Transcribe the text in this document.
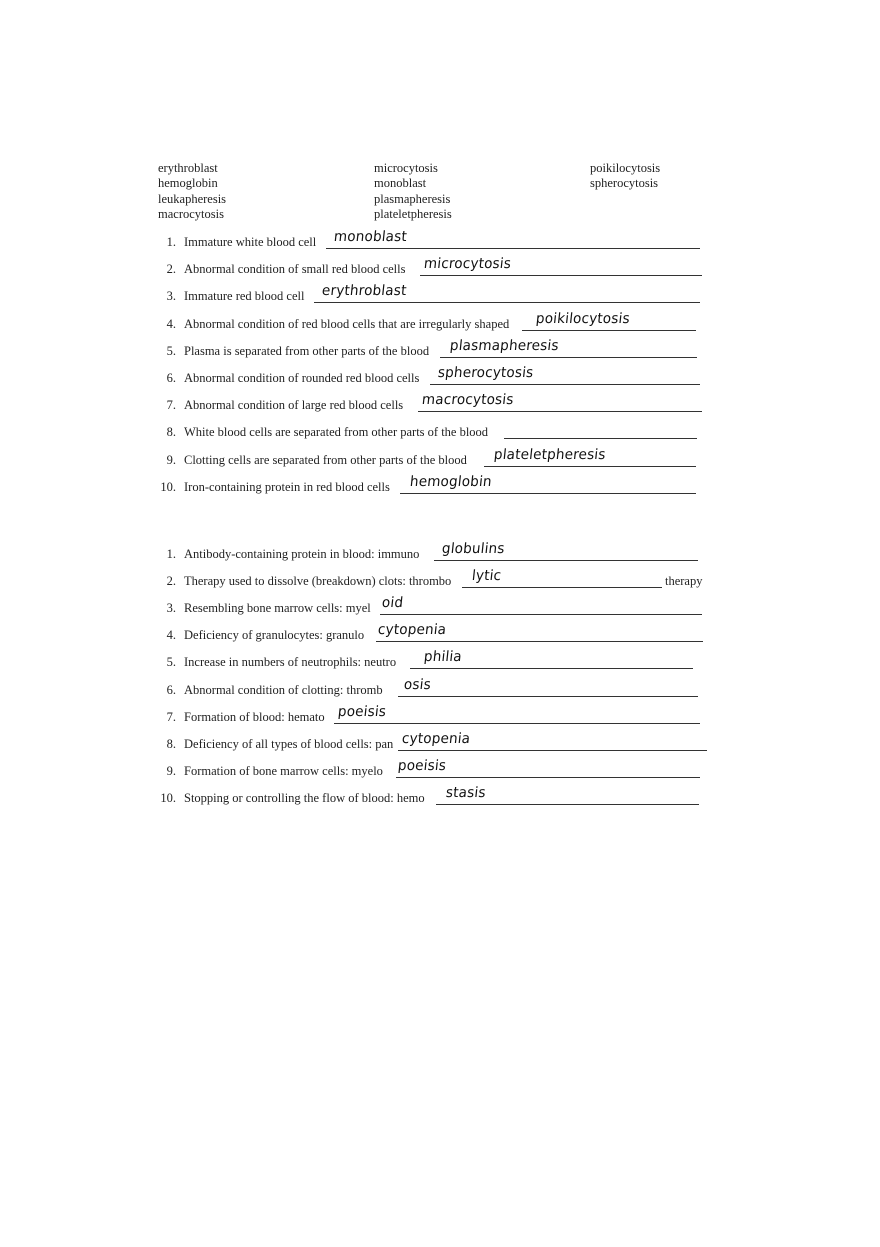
erythroblast
hemoglobin
leukapheresis
macrocytosis
microcytosis
monoblast
plasmapheresis
plateletpheresis
poikilocytosis
spherocytosis
1. Immature white blood cell monoblast
2. Abnormal condition of small red blood cells microcytosis
3. Immature red blood cell erythroblast
4. Abnormal condition of red blood cells that are irregularly shaped poikilocytosis
5. Plasma is separated from other parts of the blood plasmapheresis
6. Abnormal condition of rounded red blood cells spherocytosis
7. Abnormal condition of large red blood cells macrocytosis
8. White blood cells are separated from other parts of the blood
9. Clotting cells are separated from other parts of the blood plateletpheresis
10. Iron-containing protein in red blood cells hemoglobin
1. Antibody-containing protein in blood: immuno globulins
2. Therapy used to dissolve (breakdown) clots: thrombo lytic	therapy
3. Resembling bone marrow cells: myel oid
4. Deficiency of granulocytes: granulo cytopenia
5. Increase in numbers of neutrophils: neutro philia
6. Abnormal condition of clotting: thromb osis
7. Formation of blood: hemato poeisis
8. Deficiency of all types of blood cells: pan cytopenia
9. Formation of bone marrow cells: myelo poeisis
10. Stopping or controlling the flow of blood: hemo stasis
